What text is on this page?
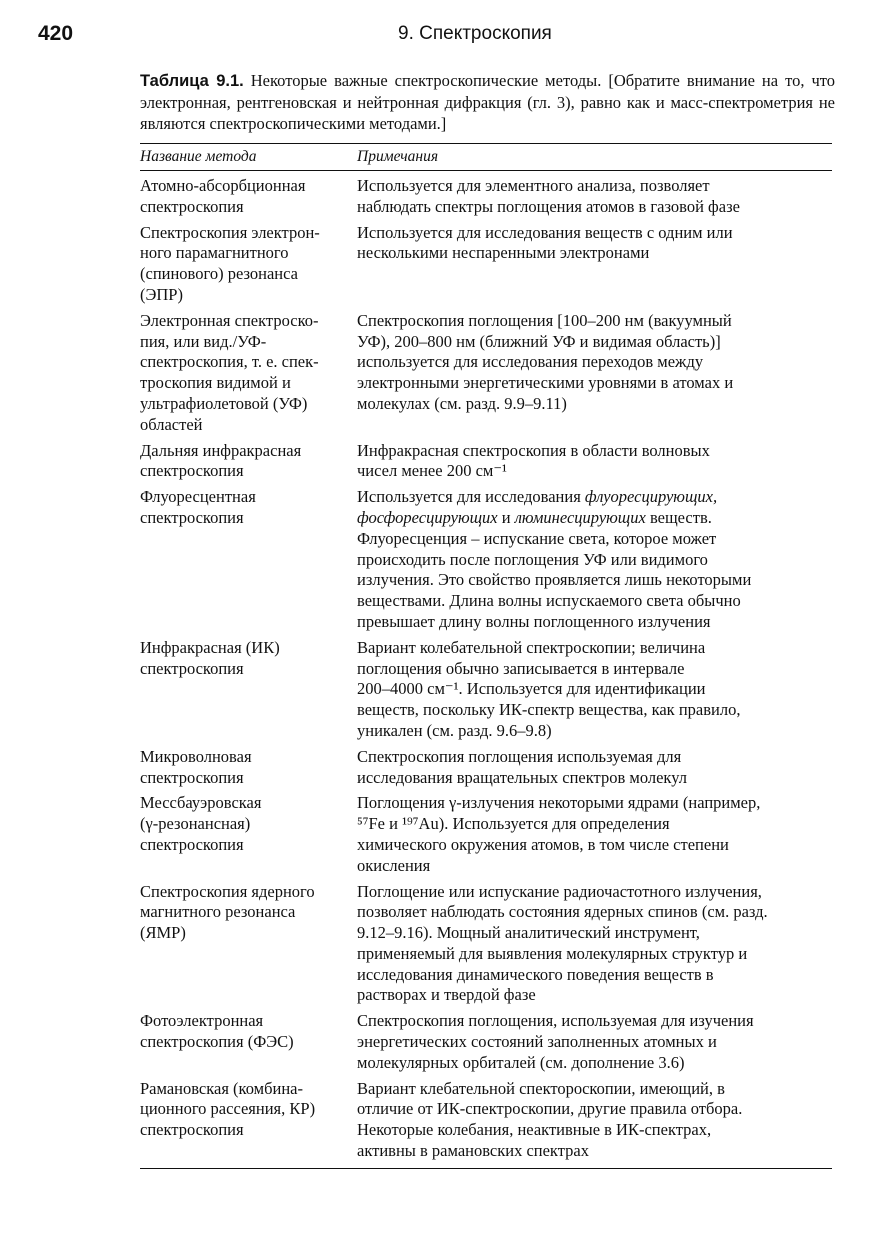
420	9. Спектроскопия
Таблица 9.1. Некоторые важные спектроскопические методы. [Обратите внимание на то, что электронная, рентгеновская и нейтронная дифракция (гл. 3), равно как и масс-спектрометрия не являются спектроскопическими методами.]
Название метода	Примечания
Атомно-абсорбционная
спектроскопия
Используется для элементного анализа, позволяет
наблюдать спектры поглощения атомов в газовой фазе
Спектроскопия электрон-
ного парамагнитного
(спинового) резонанса
(ЭПР)
Используется для исследования веществ с одним или
несколькими неспаренными электронами
Электронная спектроско-
пия, или вид./УФ-
спектроскопия, т. е. спек-
троскопия видимой и
ультрафиолетовой (УФ)
областей
Спектроскопия поглощения [100–200 нм (вакуумный
УФ), 200–800 нм (ближний УФ и видимая область)]
используется для исследования переходов между
электронными энергетическими уровнями в атомах и
молекулах (см. разд. 9.9–9.11)
Дальняя инфракрасная
спектроскопия
Инфракрасная спектроскопия в области волновых
чисел менее 200 см⁻¹
Флуоресцентная
спектроскопия
Используется для исследования флуоресцирующих,
фосфоресцирующих и люминесцирующих веществ.
Флуоресценция – испускание света, которое может
происходить после поглощения УФ или видимого
излучения. Это свойство проявляется лишь некоторыми
веществами. Длина волны испускаемого света обычно
превышает длину волны поглощенного излучения
Инфракрасная (ИК)
спектроскопия
Вариант колебательной спектроскопии; величина
поглощения обычно записывается в интервале
200–4000 см⁻¹. Используется для идентификации
веществ, поскольку ИК-спектр вещества, как правило,
уникален (см. разд. 9.6–9.8)
Микроволновая
спектроскопия
Спектроскопия поглощения используемая для
исследования вращательных спектров молекул
Мессбауэровская
(γ-резонансная)
спектроскопия
Поглощения γ-излучения некоторыми ядрами (например,
⁵⁷Fe и ¹⁹⁷Au). Используется для определения
химического окружения атомов, в том числе степени
окисления
Спектроскопия ядерного
магнитного резонанса
(ЯМР)
Поглощение или испускание радиочастотного излучения,
позволяет наблюдать состояния ядерных спинов (см. разд.
9.12–9.16). Мощный аналитический инструмент,
применяемый для выявления молекулярных структур и
исследования динамического поведения веществ в
растворах и твердой фазе
Фотоэлектронная
спектроскопия (ФЭС)
Спектроскопия поглощения, используемая для изучения
энергетических состояний заполненных атомных и
молекулярных орбиталей (см. дополнение 3.6)
Рамановская (комбина-
ционного рассеяния, КР)
спектроскопия
Вариант клебательной спекторoскопии, имеющий, в
отличие от ИК-спектроскопии, другие правила отбора.
Некоторые колебания, неактивные в ИК-спектрах,
активны в рамановских спектрах
